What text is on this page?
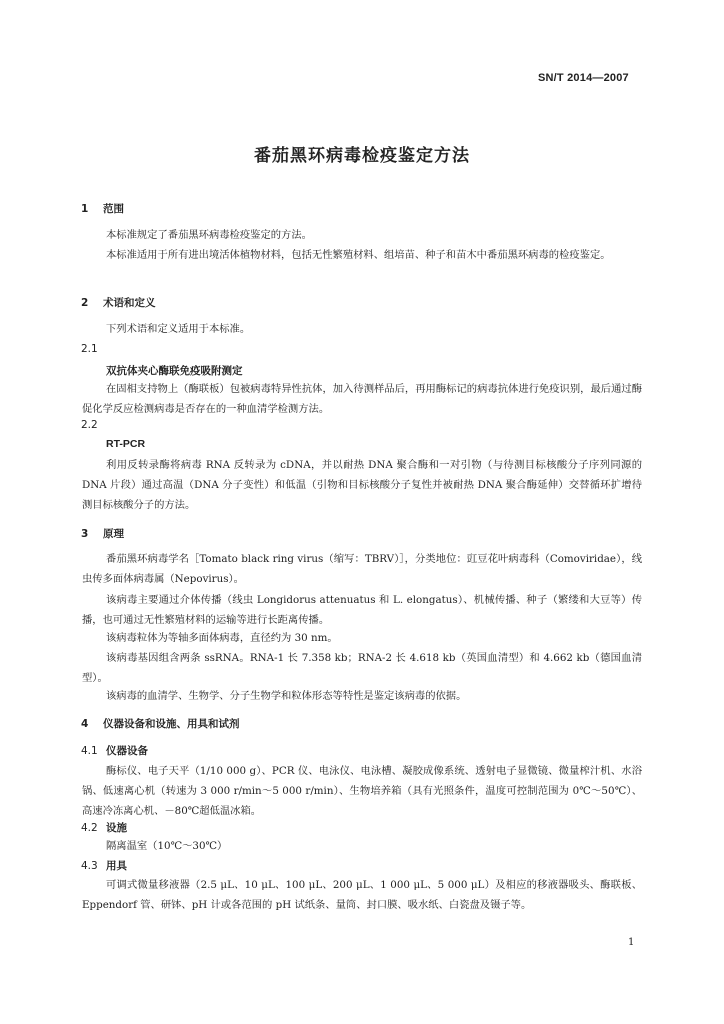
SN/T 2014—2007
番茄黑环病毒检疫鉴定方法
1 范围

本标准规定了番茄黑环病毒检疫鉴定的方法。

本标准适用于所有进出境活体植物材料，包括无性繁殖材料、组培苗、种子和苗木中番茄黑环病毒的检疫鉴定。

2 术语和定义

下列术语和定义适用于本标准。

2.1
双抗体夹心酶联免疫吸附测定

在固相支持物上（酶联板）包被病毒特异性抗体，加入待测样品后，再用酶标记的病毒抗体进行免疫识别，最后通过酶促化学反应检测病毒是否存在的一种血清学检测方法。

2.2
RT-PCR

利用反转录酶将病毒 RNA 反转录为 cDNA，并以耐热 DNA 聚合酶和一对引物（与待测目标核酸分子序列同源的 DNA 片段）通过高温（DNA 分子变性）和低温（引物和目标核酸分子复性并被耐热 DNA 聚合酶延伸）交替循环扩增待测目标核酸分子的方法。

3 原理

番茄黑环病毒学名［Tomato black ring virus（缩写：TBRV）］，分类地位：豇豆花叶病毒科（Comoviridae），线虫传多面体病毒属（Nepovirus）。

该病毒主要通过介体传播（线虫 Longidorus attenuatus 和 L. elongatus）、机械传播、种子（繁缕和大豆等）传播，也可通过无性繁殖材料的运输等进行长距离传播。

该病毒粒体为等轴多面体病毒，直径约为 30 nm。

该病毒基因组含两条 ssRNA。RNA-1 长 7.358 kb；RNA-2 长 4.618 kb（英国血清型）和 4.662 kb（德国血清型）。

该病毒的血清学、生物学、分子生物学和粒体形态等特性是鉴定该病毒的依据。

4 仪器设备和设施、用具和试剂
4.1 仪器设备

酶标仪、电子天平（1/10 000 g）、PCR 仪、电泳仪、电泳槽、凝胶成像系统、透射电子显微镜、微量榨汁机、水浴锅、低速离心机（转速为 3 000 r/min～5 000 r/min）、生物培养箱（具有光照条件，温度可控制范围为 0℃～50℃）、高速冷冻离心机、－80℃超低温冰箱。

4.2 设施

隔离温室（10℃～30℃）

4.3 用具

可调式微量移液器（2.5 μL、10 μL、100 μL、200 μL、1 000 μL、5 000 μL）及相应的移液器吸头、酶联板、Eppendorf 管、研钵、pH 计或各范围的 pH 试纸条、量筒、封口膜、吸水纸、白瓷盘及镊子等。

1
